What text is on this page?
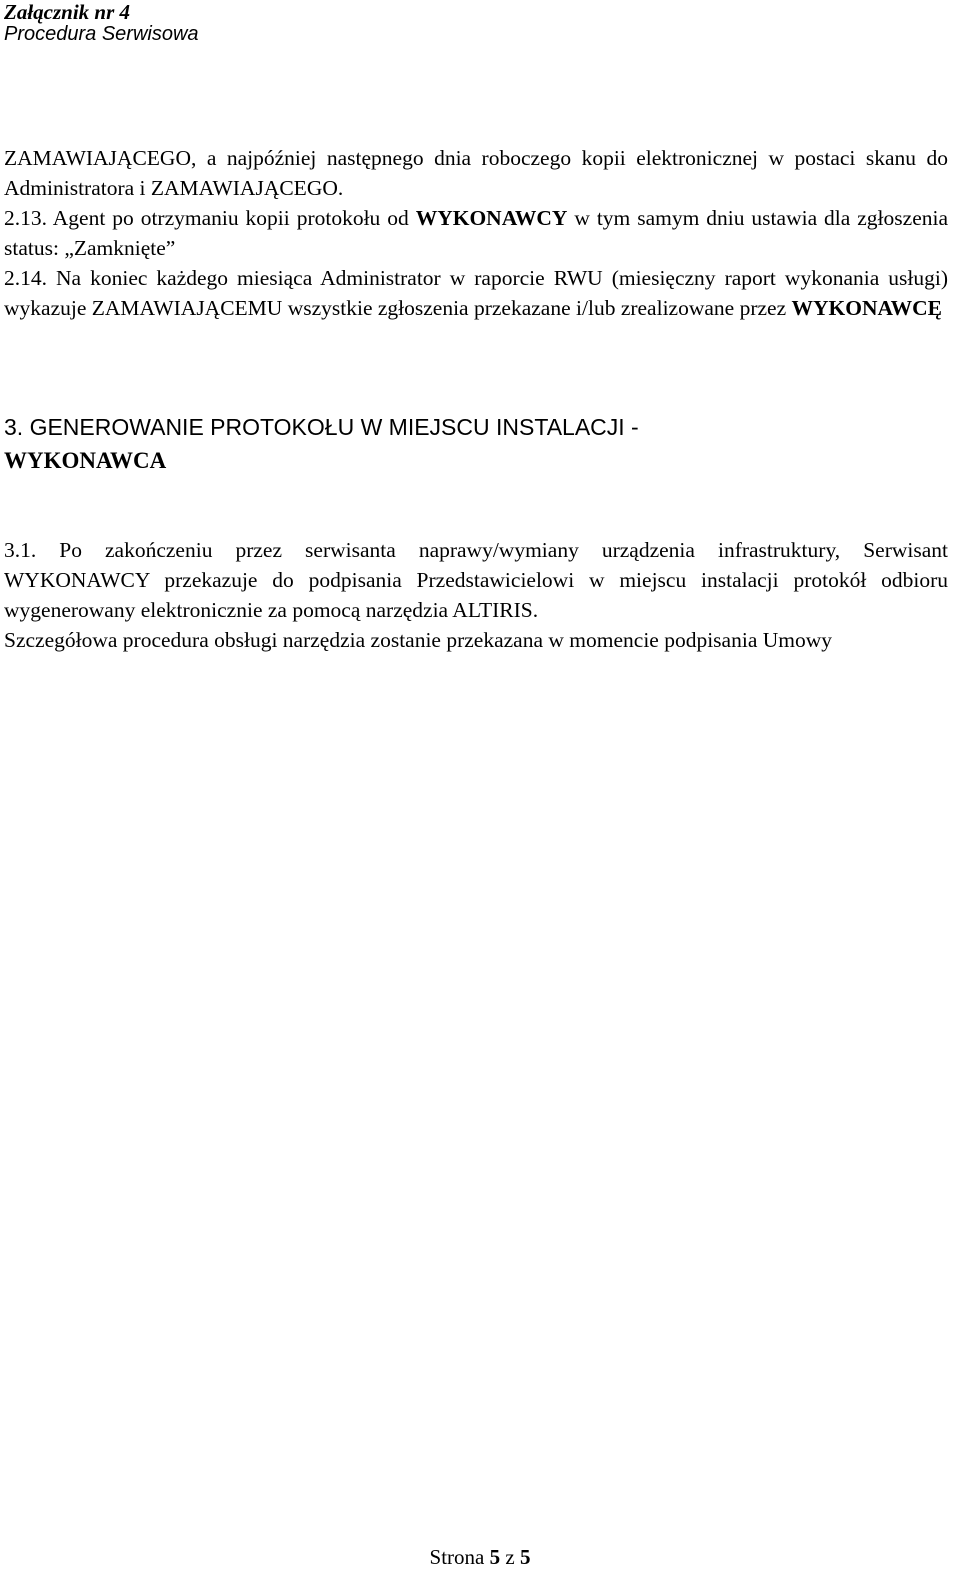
Załącznik nr 4

Procedura Serwisowa

ZAMAWIAJĄCEGO, a najpóźniej następnego dnia roboczego kopii elektronicznej w postaci skanu do Administratora i ZAMAWIAJĄCEGO.
2.13. Agent po otrzymaniu kopii protokołu od WYKONAWCY w tym samym dniu ustawia dla zgłoszenia status: „Zamknięte”
2.14. Na koniec każdego miesiąca Administrator w raporcie RWU (miesięczny raport wykonania usługi) wykazuje ZAMAWIAJĄCEMU wszystkie zgłoszenia przekazane i/lub zrealizowane przez WYKONAWCĘ
3. GENEROWANIE PROTOKOŁU W MIEJSCU INSTALACJI -
WYKONAWCA
3.1. Po zakończeniu przez serwisanta naprawy/wymiany urządzenia infrastruktury, Serwisant WYKONAWCY przekazuje do podpisania Przedstawicielowi w miejscu instalacji protokół odbioru wygenerowany elektronicznie za pomocą narzędzia ALTIRIS.
Szczegółowa procedura obsługi narzędzia zostanie przekazana w momencie podpisania Umowy

Strona 5 z 5
